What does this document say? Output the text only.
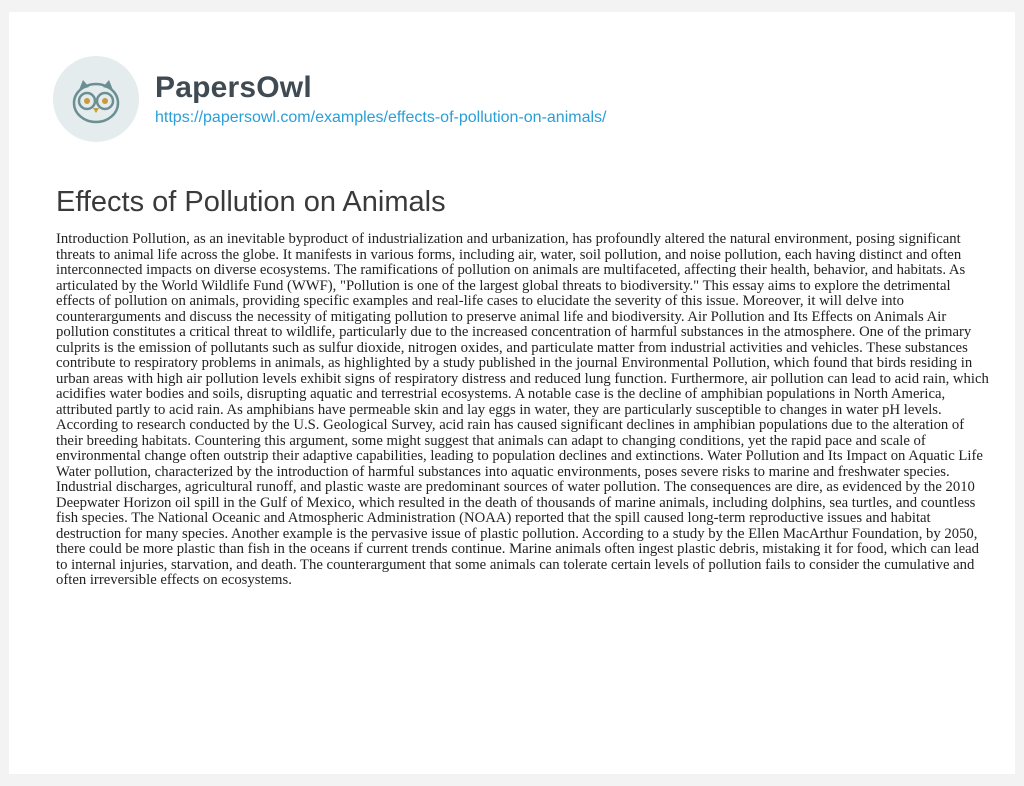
PapersOwl
https://papersowl.com/examples/effects-of-pollution-on-animals/
Effects of Pollution on Animals

Introduction Pollution, as an inevitable byproduct of industrialization and urbanization, has profoundly altered the natural environment, posing significant threats to animal life across the globe. It manifests in various forms, including air, water, soil pollution, and noise pollution, each having distinct and often interconnected impacts on diverse ecosystems. The ramifications of pollution on animals are multifaceted, affecting their health, behavior, and habitats. As articulated by the World Wildlife Fund (WWF), "Pollution is one of the largest global threats to biodiversity." This essay aims to explore the detrimental effects of pollution on animals, providing specific examples and real-life cases to elucidate the severity of this issue. Moreover, it will delve into counterarguments and discuss the necessity of mitigating pollution to preserve animal life and biodiversity. Air Pollution and Its Effects on Animals Air pollution constitutes a critical threat to wildlife, particularly due to the increased concentration of harmful substances in the atmosphere. One of the primary culprits is the emission of pollutants such as sulfur dioxide, nitrogen oxides, and particulate matter from industrial activities and vehicles. These substances contribute to respiratory problems in animals, as highlighted by a study published in the journal Environmental Pollution, which found that birds residing in urban areas with high air pollution levels exhibit signs of respiratory distress and reduced lung function. Furthermore, air pollution can lead to acid rain, which acidifies water bodies and soils, disrupting aquatic and terrestrial ecosystems. A notable case is the decline of amphibian populations in North America, attributed partly to acid rain. As amphibians have permeable skin and lay eggs in water, they are particularly susceptible to changes in water pH levels. According to research conducted by the U.S. Geological Survey, acid rain has caused significant declines in amphibian populations due to the alteration of their breeding habitats. Countering this argument, some might suggest that animals can adapt to changing conditions, yet the rapid pace and scale of environmental change often outstrip their adaptive capabilities, leading to population declines and extinctions. Water Pollution and Its Impact on Aquatic Life Water pollution, characterized by the introduction of harmful substances into aquatic environments, poses severe risks to marine and freshwater species. Industrial discharges, agricultural runoff, and plastic waste are predominant sources of water pollution. The consequences are dire, as evidenced by the 2010 Deepwater Horizon oil spill in the Gulf of Mexico, which resulted in the death of thousands of marine animals, including dolphins, sea turtles, and countless fish species. The National Oceanic and Atmospheric Administration (NOAA) reported that the spill caused long-term reproductive issues and habitat destruction for many species. Another example is the pervasive issue of plastic pollution. According to a study by the Ellen MacArthur Foundation, by 2050, there could be more plastic than fish in the oceans if current trends continue. Marine animals often ingest plastic debris, mistaking it for food, which can lead to internal injuries, starvation, and death. The counterargument that some animals can tolerate certain levels of pollution fails to consider the cumulative and often irreversible effects on ecosystems.
